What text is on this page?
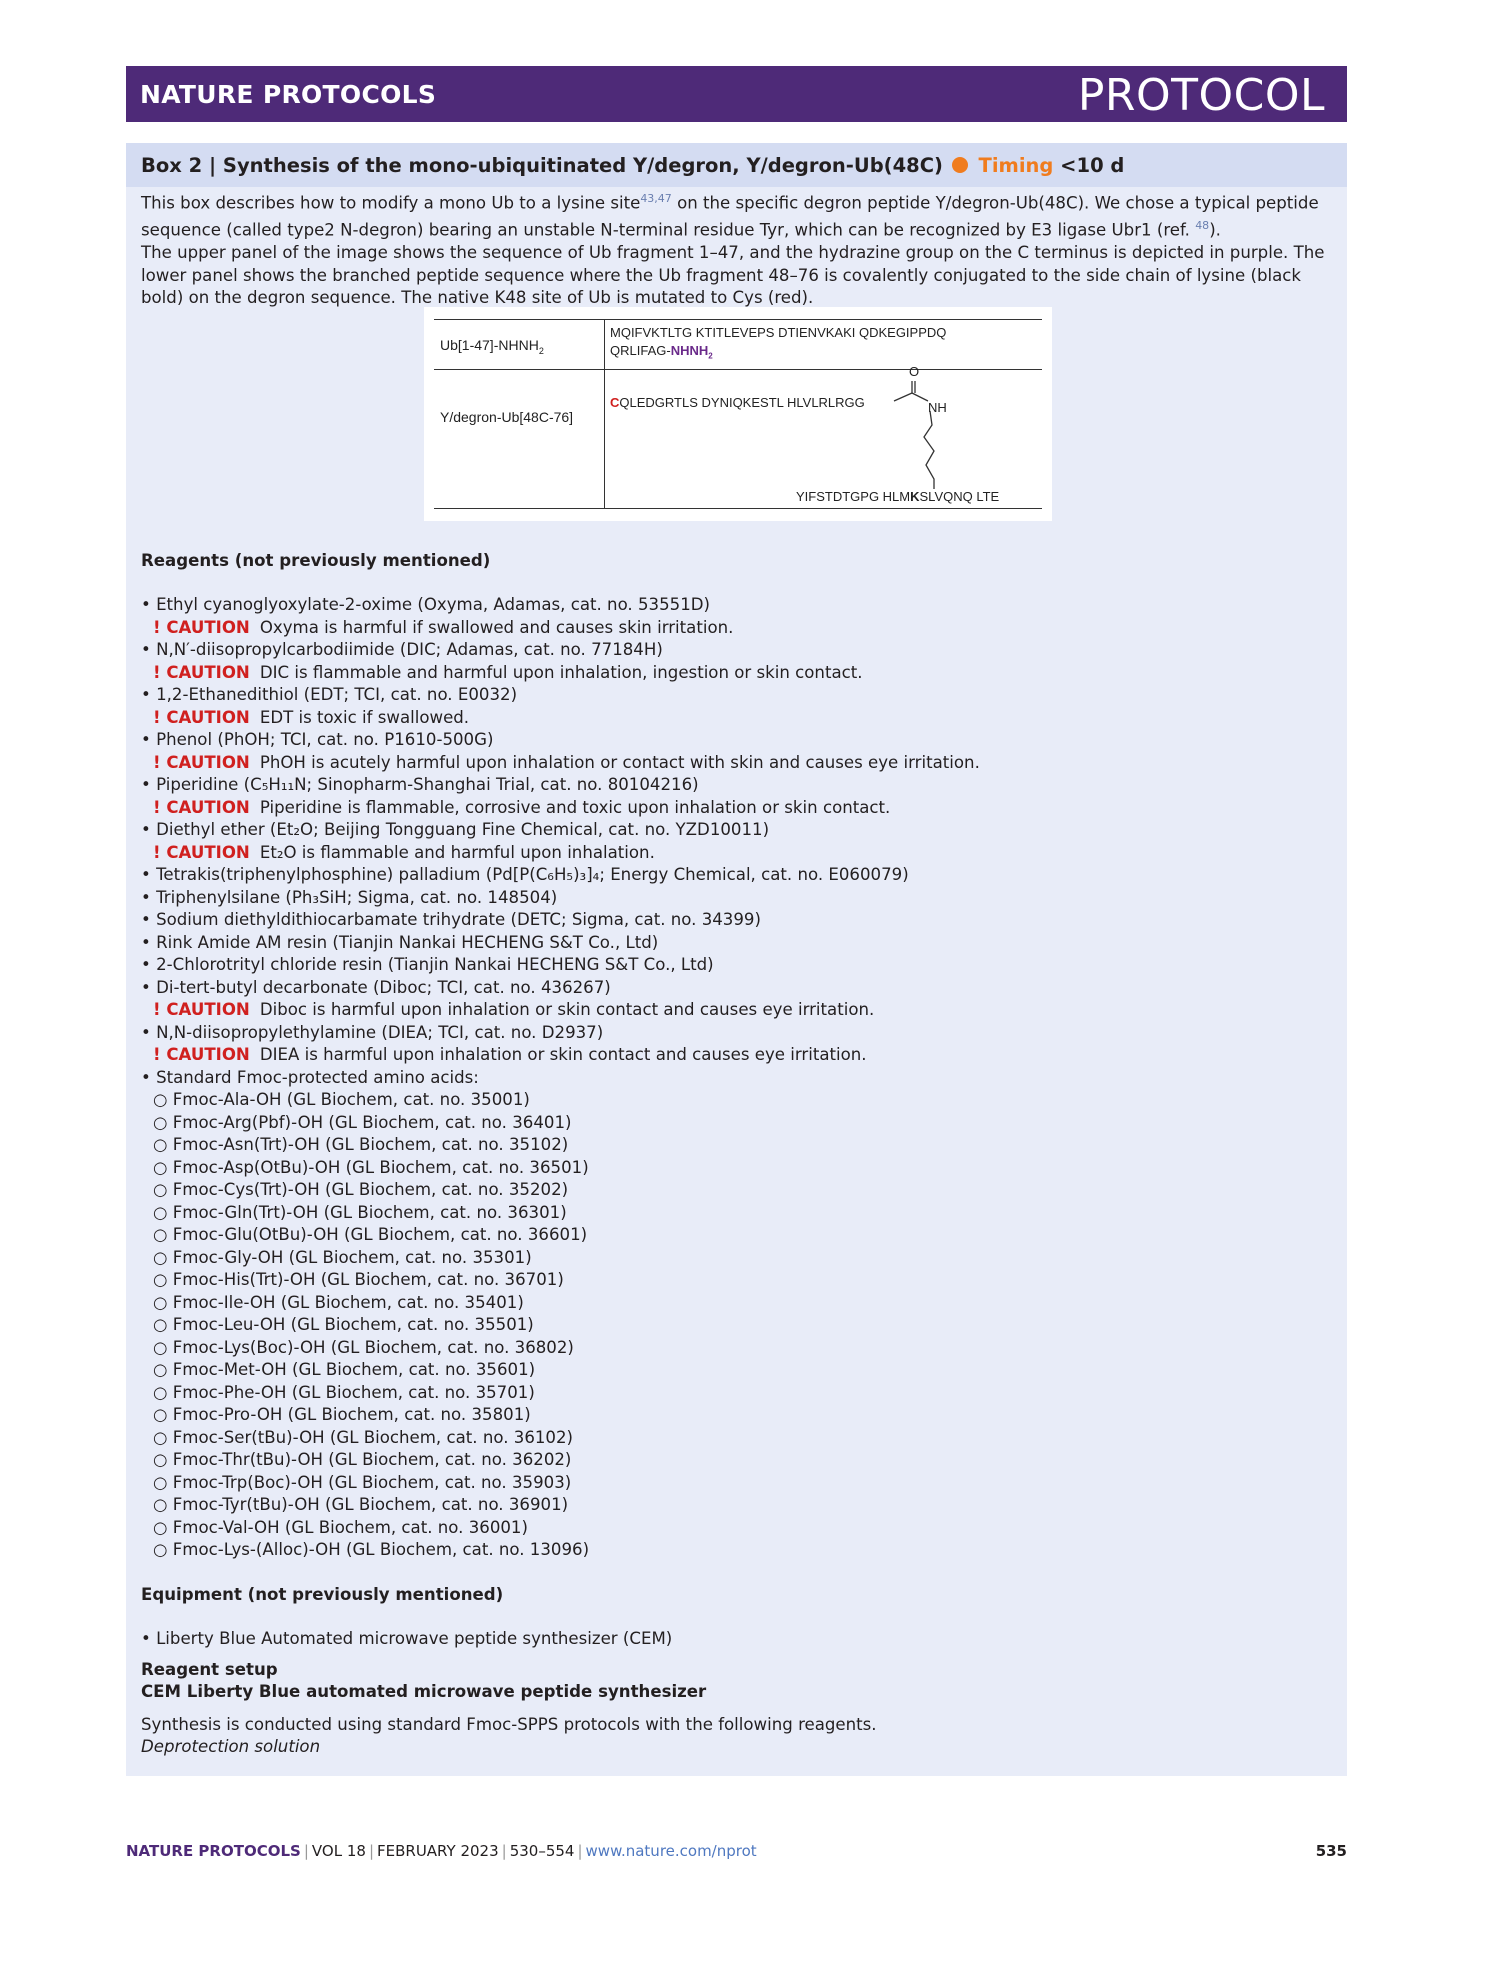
NATURE PROTOCOLS	PROTOCOL
Box 2 | Synthesis of the mono-ubiquitinated Y/degron, Y/degron-Ub(48C) Timing <10 d

This box describes how to modify a mono Ub to a lysine site$^{43,47}$ on the specific degron peptide Y/degron-Ub(48C). We chose a typical peptide sequence (called type2 N-degron) bearing an unstable N-terminal residue Tyr, which can be recognized by E3 ligase Ubr1 (ref. $^{48}$).

The upper panel of the image shows the sequence of Ub fragment 1–47, and the hydrazine group on the C terminus is depicted in purple. The lower panel shows the branched peptide sequence where the Ub fragment 48–76 is covalently conjugated to the side chain of lysine (black bold) on the degron sequence. The native K48 site of Ub is mutated to Cys (red).

Reagents (not previously mentioned)

• Ethyl cyanoglyoxylate-2-oxime (Oxyma, Adamas, cat. no. 53551D)
! CAUTION Oxyma is harmful if swallowed and causes skin irritation.
• N,N′-diisopropylcarbodiimide (DIC; Adamas, cat. no. 77184H)
! CAUTION DIC is flammable and harmful upon inhalation, ingestion or skin contact.
• 1,2-Ethanedithiol (EDT; TCI, cat. no. E0032)
! CAUTION EDT is toxic if swallowed.
• Phenol (PhOH; TCI, cat. no. P1610-500G)
! CAUTION PhOH is acutely harmful upon inhalation or contact with skin and causes eye irritation.
• Piperidine (C₅H₁₁N; Sinopharm-Shanghai Trial, cat. no. 80104216)
! CAUTION Piperidine is flammable, corrosive and toxic upon inhalation or skin contact.
• Diethyl ether (Et₂O; Beijing Tongguang Fine Chemical, cat. no. YZD10011)
! CAUTION Et₂O is flammable and harmful upon inhalation.
• Tetrakis(triphenylphosphine) palladium (Pd[P(C₆H₅)₃]₄; Energy Chemical, cat. no. E060079)
• Triphenylsilane (Ph₃SiH; Sigma, cat. no. 148504)
• Sodium diethyldithiocarbamate trihydrate (DETC; Sigma, cat. no. 34399)
• Rink Amide AM resin (Tianjin Nankai HECHENG S&T Co., Ltd)
• 2-Chlorotrityl chloride resin (Tianjin Nankai HECHENG S&T Co., Ltd)
• Di-tert-butyl decarbonate (Diboc; TCI, cat. no. 436267)
! CAUTION Diboc is harmful upon inhalation or skin contact and causes eye irritation.
• N,N-diisopropylethylamine (DIEA; TCI, cat. no. D2937)
! CAUTION DIEA is harmful upon inhalation or skin contact and causes eye irritation.
• Standard Fmoc-protected amino acids:
○ Fmoc-Ala-OH (GL Biochem, cat. no. 35001)
○ Fmoc-Arg(Pbf)-OH (GL Biochem, cat. no. 36401)
○ Fmoc-Asn(Trt)-OH (GL Biochem, cat. no. 35102)
○ Fmoc-Asp(OtBu)-OH (GL Biochem, cat. no. 36501)
○ Fmoc-Cys(Trt)-OH (GL Biochem, cat. no. 35202)
○ Fmoc-Gln(Trt)-OH (GL Biochem, cat. no. 36301)
○ Fmoc-Glu(OtBu)-OH (GL Biochem, cat. no. 36601)
○ Fmoc-Gly-OH (GL Biochem, cat. no. 35301)
○ Fmoc-His(Trt)-OH (GL Biochem, cat. no. 36701)
○ Fmoc-Ile-OH (GL Biochem, cat. no. 35401)
○ Fmoc-Leu-OH (GL Biochem, cat. no. 35501)
○ Fmoc-Lys(Boc)-OH (GL Biochem, cat. no. 36802)
○ Fmoc-Met-OH (GL Biochem, cat. no. 35601)
○ Fmoc-Phe-OH (GL Biochem, cat. no. 35701)
○ Fmoc-Pro-OH (GL Biochem, cat. no. 35801)
○ Fmoc-Ser(tBu)-OH (GL Biochem, cat. no. 36102)
○ Fmoc-Thr(tBu)-OH (GL Biochem, cat. no. 36202)
○ Fmoc-Trp(Boc)-OH (GL Biochem, cat. no. 35903)
○ Fmoc-Tyr(tBu)-OH (GL Biochem, cat. no. 36901)
○ Fmoc-Val-OH (GL Biochem, cat. no. 36001)
○ Fmoc-Lys-(Alloc)-OH (GL Biochem, cat. no. 13096)

Equipment (not previously mentioned)

• Liberty Blue Automated microwave peptide synthesizer (CEM)

Reagent setup

CEM Liberty Blue automated microwave peptide synthesizer

Synthesis is conducted using standard Fmoc-SPPS protocols with the following reagents.

Deprotection solution

$Ub[1-47]-NHNH_2$
MQIFVKTLTG KTITLEVEPS DTIENVKAKI QDKEGIPPDQ
QRLIFAG-$NHNH_2$
Y/degron-Ub[48C-76]
CQLEDGRTLS DYNIQKESTL HLVLRLRGG
O
NH
YIFSTDTGPG HLMKSLVQNQ LTE
NATURE PROTOCOLS | VOL 18 | FEBRUARY 2023 | 530–554 | www.nature.com/nprot	535
